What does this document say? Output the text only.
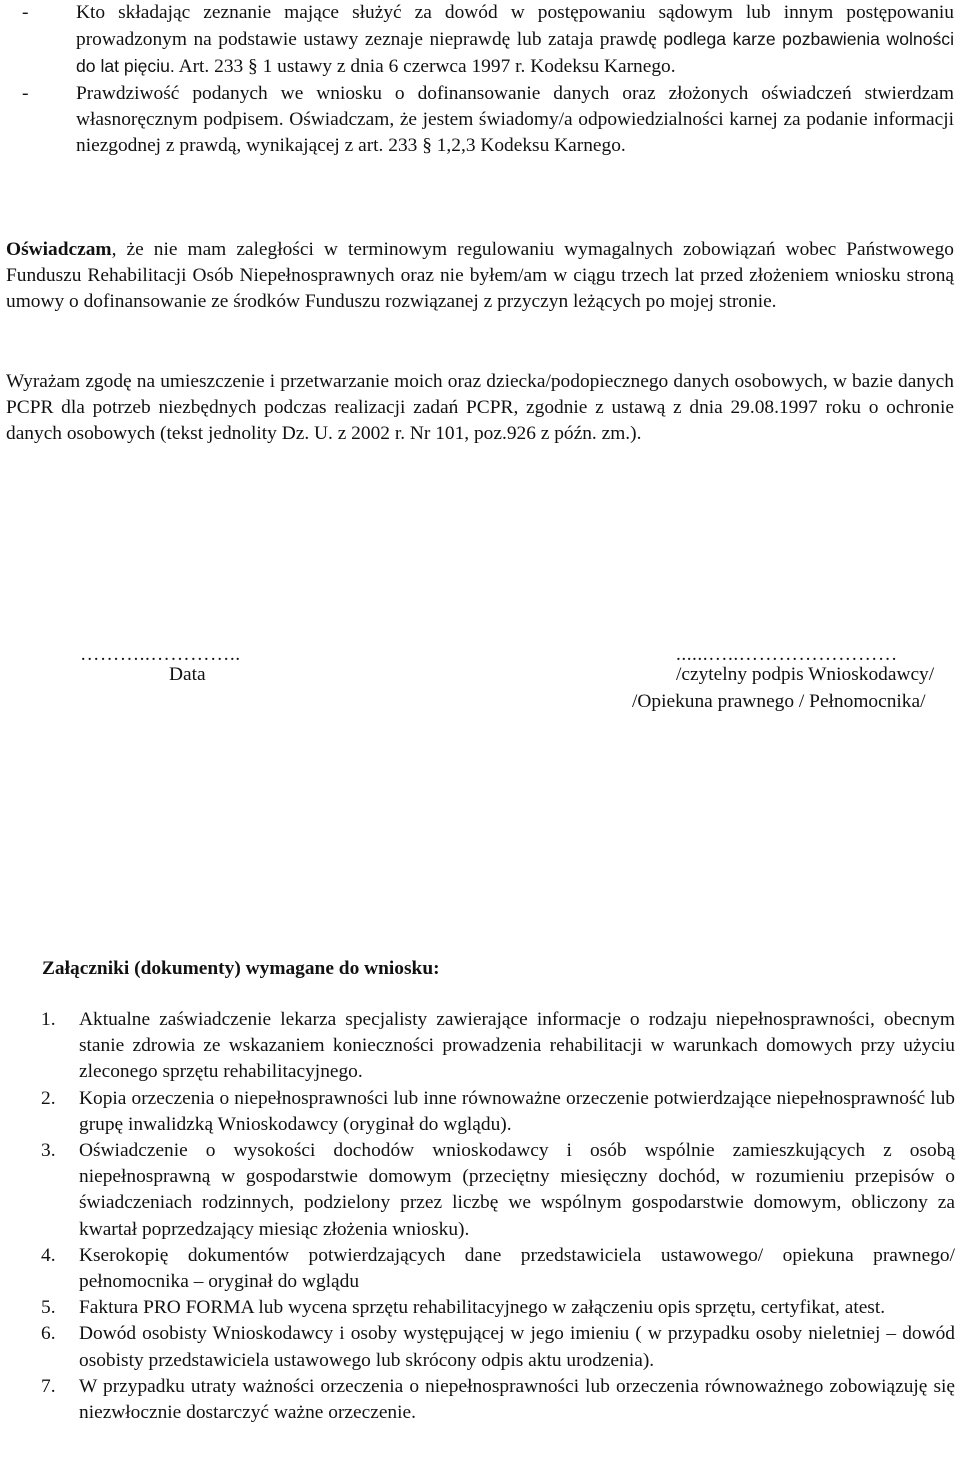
- Kto składając zeznanie mające służyć za dowód w postępowaniu sądowym lub innym postępowaniu prowadzonym na podstawie ustawy zeznaje nieprawdę lub zataja prawdę podlega karze pozbawienia wolności do lat pięciu. Art. 233 § 1 ustawy z dnia 6 czerwca 1997 r. Kodeksu Karnego.
- Prawdziwość podanych we wniosku o dofinansowanie danych oraz złożonych oświadczeń stwierdzam własnoręcznym podpisem. Oświadczam, że jestem świadomy/a odpowiedzialności karnej za podanie informacji niezgodnej z prawdą, wynikającej z art. 233 § 1,2,3 Kodeksu Karnego.

Oświadczam, że nie mam zaległości w terminowym regulowaniu wymagalnych zobowiązań wobec Państwowego Funduszu Rehabilitacji Osób Niepełnosprawnych oraz nie byłem/am w ciągu trzech lat przed złożeniem wniosku stroną umowy o dofinansowanie ze środków Funduszu rozwiązanej z przyczyn leżących po mojej stronie.

Wyrażam zgodę na umieszczenie i przetwarzanie moich oraz dziecka/podopiecznego danych osobowych, w bazie danych PCPR dla potrzeb niezbędnych podczas realizacji zadań PCPR, zgodnie z ustawą z dnia 29.08.1997 roku o ochronie danych osobowych (tekst jednolity Dz. U. z 2002 r. Nr 101, poz.926 z późn. zm.).

………..…………..
Data
......…..……………………
/czytelny podpis Wnioskodawcy/
/Opiekuna prawnego / Pełnomocnika/
Załączniki (dokumenty) wymagane do wniosku:
1. Aktualne zaświadczenie lekarza specjalisty zawierające informacje o rodzaju niepełnosprawności, obecnym stanie zdrowia ze wskazaniem konieczności prowadzenia rehabilitacji w warunkach domowych przy użyciu zleconego sprzętu rehabilitacyjnego.
2. Kopia orzeczenia o niepełnosprawności lub inne równoważne orzeczenie potwierdzające niepełnosprawność lub grupę inwalidzką Wnioskodawcy (oryginał do wglądu).
3. Oświadczenie o wysokości dochodów wnioskodawcy i osób wspólnie zamieszkujących z osobą niepełnosprawną w gospodarstwie domowym (przeciętny miesięczny dochód, w rozumieniu przepisów o świadczeniach rodzinnych, podzielony przez liczbę we wspólnym gospodarstwie domowym, obliczony za kwartał poprzedzający miesiąc złożenia wniosku).
4. Kserokopię dokumentów potwierdzających dane przedstawiciela ustawowego/ opiekuna prawnego/ pełnomocnika – oryginał do wglądu
5. Faktura PRO FORMA lub wycena sprzętu rehabilitacyjnego w załączeniu opis sprzętu, certyfikat, atest.
6. Dowód osobisty Wnioskodawcy i osoby występującej w jego imieniu ( w przypadku osoby nieletniej – dowód osobisty przedstawiciela ustawowego lub skrócony odpis aktu urodzenia).
7. W przypadku utraty ważności orzeczenia o niepełnosprawności lub orzeczenia równoważnego zobowiązuję się niezwłocznie dostarczyć ważne orzeczenie.
